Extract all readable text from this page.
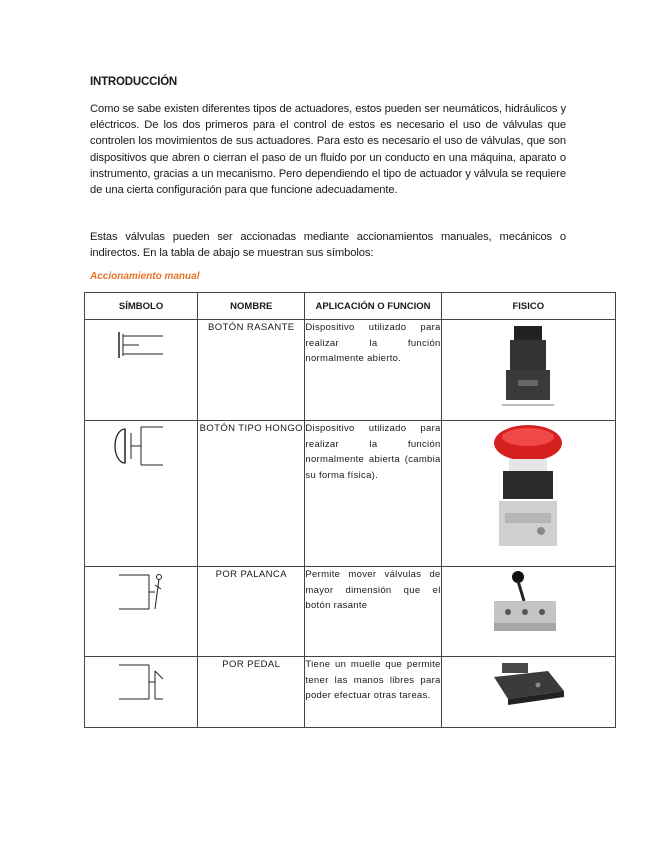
INTRODUCCIÓN
Como se sabe existen diferentes tipos de actuadores, estos pueden ser neumáticos, hidráulicos y eléctricos. De los dos primeros para el control de estos es necesario el uso de válvulas que controlen los movimientos de sus actuadores. Para esto es necesario el uso de válvulas, que son dispositivos que abren o cierran el paso de un fluido por un conducto en una máquina, aparato o instrumento, gracias a un mecanismo. Pero dependiendo el tipo de actuador y válvula se requiere de una cierta configuración para que funcione adecuadamente.
Estas válvulas pueden ser accionadas mediante accionamientos manuales, mecánicos o indirectos. En la tabla de abajo se muestran sus símbolos:
Accionamiento manual
SÍMBOLO	NOMBRE	APLICACIÓN O FUNCION	FISICO

	BOTÓN RASANTE	Dispositivo utilizado para realizar la función normalmente abierto.	

	BOTÓN TIPO HONGO	Dispositivo utilizado para realizar la función normalmente abierta (cambia su forma física).	

	POR PALANCA	Permite mover válvulas de mayor dimensión que el botón rasante	

	POR PEDAL	Tiene un muelle que permite tener las manos libres para poder efectuar otras tareas.	
